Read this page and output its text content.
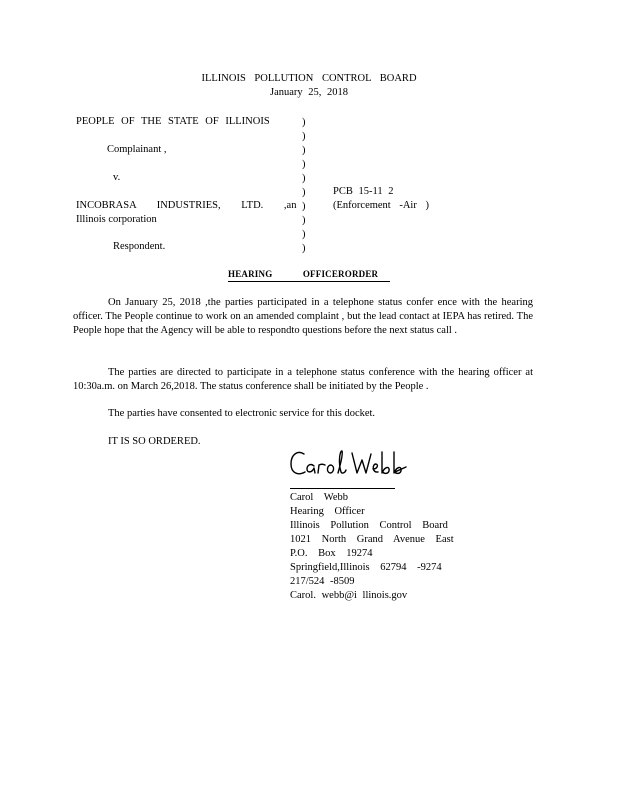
ILLINOIS POLLUTION CONTROL BOARD
January 25, 2018
PEOPLE OF THE STATE OF ILLINOIS
Complainant ,
v.
INCOBRASA INDUSTRIES, LTD. ,an
Illinois corporation
Respondent.
)
)
)
)
)
)
)
)
)
)
PCB 15-11 2
(Enforcement -Air )
HEARING OFFICERORDER
On January 25, 2018 ,the parties participated in a telephone status confer ence with the hearing officer. The People continue to work on an amended complaint , but the lead contact at IEPA has retired. The People hope that the Agency will be able to respondto questions before the next status call .
The parties are directed to participate in a telephone status conference with the hearing officer at 10:30a.m. on March 26,2018. The status conference shall be initiated by the People .
The parties have consented to electronic service for this docket.
IT IS SO ORDERED.
Carol Webb
Hearing Officer
Illinois Pollution Control Board
1021 North Grand Avenue East
P.O. Box 19274
Springfield,Illinois 62794 -9274
217/524 -8509
Carol. webb@i llinois.gov
